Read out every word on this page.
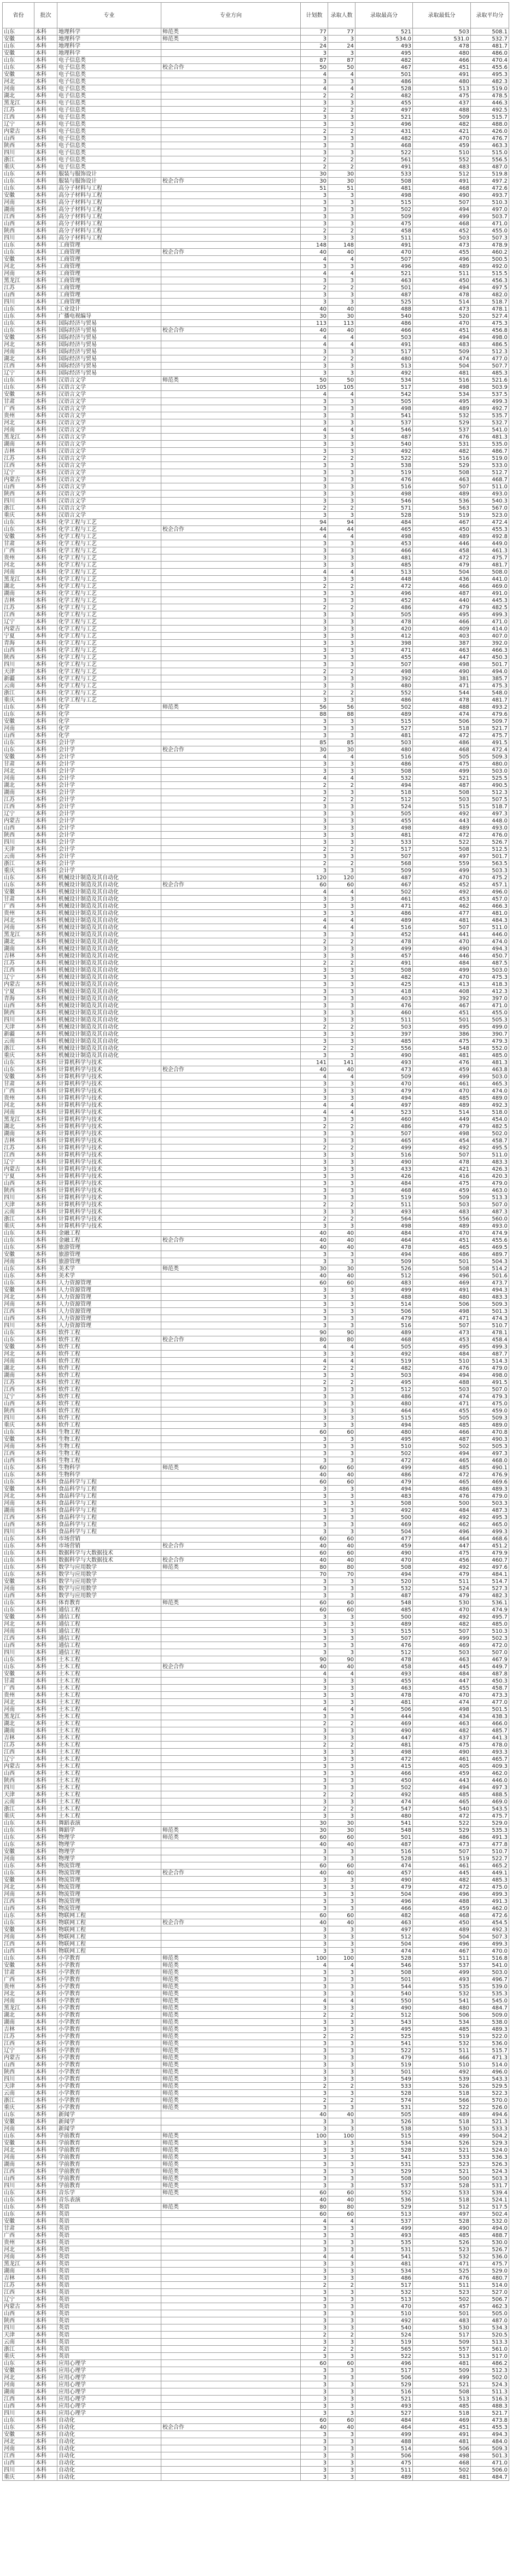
省份	批次	专业	专业方向	计划数	录取人数	录取最高分	录取最低分	录取平均分
山东	本科	地理科学	师范类	77	77	521	503	508.1
安徽	本科	地理科学	师范类	3	3	534.0	531.0	532.7
山东	本科	地理科学		24	24	493	478	481.7
安徽	本科	地理科学		3	3	495	480	486.0
山东	本科	电子信息类		87	87	482	466	470.4
山东	本科	电子信息类	校企合作	50	50	467	451	455.6
安徽	本科	电子信息类		4	4	501	491	495.3
河北	本科	电子信息类		3	3	486	480	482.3
河南	本科	电子信息类		4	4	528	513	519.0
湖北	本科	电子信息类		2	2	482	475	478.5
黑龙江	本科	电子信息类		3	3	455	437	446.3
江苏	本科	电子信息类		2	2	497	488	492.5
江西	本科	电子信息类		3	3	521	509	515.7
辽宁	本科	电子信息类		3	3	496	482	488.0
内蒙古	本科	电子信息类		2	2	431	421	426.0
山西	本科	电子信息类		3	3	482	470	476.7
陕西	本科	电子信息类		3	3	468	459	463.3
四川	本科	电子信息类		3	3	522	510	515.0
浙江	本科	电子信息类		2	2	561	552	556.5
重庆	本科	电子信息类		2	2	491	483	487.0
山东	本科	服装与服饰设计		30	30	533	512	519.8
山东	本科	服装与服饰设计	校企合作	30	30	508	491	497.2
山东	本科	高分子材料与工程		51	51	481	468	472.6
安徽	本科	高分子材料与工程		3	3	498	490	493.7
河南	本科	高分子材料与工程		3	3	515	507	510.3
湖南	本科	高分子材料与工程		3	3	502	494	497.0
江西	本科	高分子材料与工程		3	3	509	499	503.7
山西	本科	高分子材料与工程		3	3	475	468	471.0
陕西	本科	高分子材料与工程		2	2	458	452	455.0
四川	本科	高分子材料与工程		3	3	511	503	507.3
山东	本科	工商管理		148	148	491	473	478.9
山东	本科	工商管理	校企合作	40	40	470	455	460.2
安徽	本科	工商管理		4	4	507	496	500.5
河北	本科	工商管理		3	3	496	489	492.0
河南	本科	工商管理		4	4	521	511	515.5
黑龙江	本科	工商管理		3	3	463	450	456.3
江苏	本科	工商管理		2	2	501	494	497.5
山西	本科	工商管理		3	3	487	478	482.0
四川	本科	工商管理		3	3	525	514	518.7
山东	本科	工业设计		40	40	488	473	478.1
山东	本科	广播电视编导		30	30	540	520	527.4
山东	本科	国际经济与贸易		113	113	486	470	475.3
山东	本科	国际经济与贸易	校企合作	40	40	466	451	456.8
安徽	本科	国际经济与贸易		4	4	503	494	498.0
河北	本科	国际经济与贸易		4	4	491	483	486.5
河南	本科	国际经济与贸易		3	3	517	509	512.3
湖北	本科	国际经济与贸易		2	2	480	474	477.0
江西	本科	国际经济与贸易		3	3	513	504	507.7
辽宁	本科	国际经济与贸易		3	3	492	481	485.3
山东	本科	汉语言文学	师范类	50	50	534	516	521.6
山东	本科	汉语言文学		105	105	517	498	503.9
安徽	本科	汉语言文学		4	4	542	534	537.5
甘肃	本科	汉语言文学		3	3	505	495	499.3
广西	本科	汉语言文学		3	3	498	489	492.7
贵州	本科	汉语言文学		3	3	541	532	535.7
河北	本科	汉语言文学		3	3	537	529	532.7
河南	本科	汉语言文学		4	4	546	537	541.0
黑龙江	本科	汉语言文学		3	3	487	476	481.3
湖南	本科	汉语言文学		3	3	540	531	535.0
吉林	本科	汉语言文学		3	3	492	482	486.7
江苏	本科	汉语言文学		2	2	522	516	519.0
江西	本科	汉语言文学		3	3	538	529	533.0
辽宁	本科	汉语言文学		3	3	519	508	512.7
内蒙古	本科	汉语言文学		3	3	476	463	468.7
山西	本科	汉语言文学		3	3	516	507	511.0
陕西	本科	汉语言文学		3	3	498	489	493.0
四川	本科	汉语言文学		3	3	546	536	540.3
浙江	本科	汉语言文学		2	2	571	563	567.0
重庆	本科	汉语言文学		3	3	528	519	523.0
山东	本科	化学工程与工艺		94	94	484	467	472.4
山东	本科	化学工程与工艺	校企合作	44	44	465	450	455.3
安徽	本科	化学工程与工艺		4	4	498	489	492.8
甘肃	本科	化学工程与工艺		3	3	453	446	449.0
广西	本科	化学工程与工艺		3	3	466	458	461.3
贵州	本科	化学工程与工艺		3	3	481	472	475.7
河北	本科	化学工程与工艺		3	3	485	479	481.7
河南	本科	化学工程与工艺		4	4	513	504	508.0
黑龙江	本科	化学工程与工艺		3	3	448	436	441.0
湖北	本科	化学工程与工艺		2	2	472	466	469.0
湖南	本科	化学工程与工艺		3	3	496	487	491.0
吉林	本科	化学工程与工艺		3	3	452	440	445.3
江苏	本科	化学工程与工艺		2	2	486	479	482.5
江西	本科	化学工程与工艺		3	3	505	495	499.3
辽宁	本科	化学工程与工艺		3	3	478	466	471.0
内蒙古	本科	化学工程与工艺		3	3	420	409	414.0
宁夏	本科	化学工程与工艺		3	3	412	403	407.0
青海	本科	化学工程与工艺		3	3	398	387	392.0
山西	本科	化学工程与工艺		3	3	471	463	466.3
陕西	本科	化学工程与工艺		3	3	455	447	450.3
四川	本科	化学工程与工艺		3	3	507	498	501.7
天津	本科	化学工程与工艺		2	2	498	490	494.0
新疆	本科	化学工程与工艺		3	3	392	381	385.7
云南	本科	化学工程与工艺		3	3	480	471	475.3
浙江	本科	化学工程与工艺		2	2	552	544	548.0
重庆	本科	化学工程与工艺		3	3	486	478	481.7
山东	本科	化学	师范类	56	56	502	488	493.2
山东	本科	化学		88	88	489	474	479.6
安徽	本科	化学		3	3	515	506	509.7
河南	本科	化学		3	3	527	518	521.7
山西	本科	化学		3	3	481	472	475.7
山东	本科	会计学		85	85	503	486	491.5
山东	本科	会计学	校企合作	30	30	480	468	472.4
安徽	本科	会计学		4	4	516	505	509.3
甘肃	本科	会计学		3	3	486	475	480.0
河北	本科	会计学		3	3	508	499	503.0
河南	本科	会计学		4	4	532	521	525.5
湖北	本科	会计学		2	2	494	487	490.5
湖南	本科	会计学		3	3	518	508	512.3
江苏	本科	会计学		2	2	512	503	507.5
江西	本科	会计学		3	3	524	515	518.7
辽宁	本科	会计学		3	3	505	492	497.3
内蒙古	本科	会计学		3	3	455	443	448.0
山西	本科	会计学		3	3	498	489	493.0
陕西	本科	会计学		3	3	481	472	476.0
四川	本科	会计学		3	3	533	522	526.7
天津	本科	会计学		2	2	517	508	512.5
云南	本科	会计学		3	3	507	497	501.7
浙江	本科	会计学		2	2	568	559	563.5
重庆	本科	会计学		3	3	509	499	503.3
山东	本科	机械设计制造及其自动化		120	120	487	470	475.2
山东	本科	机械设计制造及其自动化	校企合作	60	60	467	452	457.1
安徽	本科	机械设计制造及其自动化		4	4	502	492	496.0
甘肃	本科	机械设计制造及其自动化		3	3	461	453	457.0
广西	本科	机械设计制造及其自动化		3	3	471	462	466.3
贵州	本科	机械设计制造及其自动化		3	3	486	477	481.0
河北	本科	机械设计制造及其自动化		4	4	489	481	484.3
河南	本科	机械设计制造及其自动化		4	4	516	507	511.0
黑龙江	本科	机械设计制造及其自动化		3	3	452	441	446.0
湖北	本科	机械设计制造及其自动化		2	2	478	470	474.0
湖南	本科	机械设计制造及其自动化		3	3	499	490	494.3
吉林	本科	机械设计制造及其自动化		3	3	457	446	450.7
江苏	本科	机械设计制造及其自动化		2	2	491	484	487.5
江西	本科	机械设计制造及其自动化		3	3	508	499	503.0
辽宁	本科	机械设计制造及其自动化		3	3	482	470	475.3
内蒙古	本科	机械设计制造及其自动化		3	3	425	413	418.3
宁夏	本科	机械设计制造及其自动化		3	3	418	408	412.3
青海	本科	机械设计制造及其自动化		3	3	403	392	397.0
山西	本科	机械设计制造及其自动化		3	3	476	467	471.0
陕西	本科	机械设计制造及其自动化		3	3	460	451	455.0
四川	本科	机械设计制造及其自动化		3	3	511	501	505.3
天津	本科	机械设计制造及其自动化		2	2	503	495	499.0
新疆	本科	机械设计制造及其自动化		3	3	397	386	390.7
云南	本科	机械设计制造及其自动化		3	3	485	475	479.3
浙江	本科	机械设计制造及其自动化		2	2	556	548	552.0
重庆	本科	机械设计制造及其自动化		3	3	490	481	485.0
山东	本科	计算机科学与技术		141	141	493	476	481.3
山东	本科	计算机科学与技术	校企合作	40	40	473	459	463.8
安徽	本科	计算机科学与技术		4	4	509	499	503.0
甘肃	本科	计算机科学与技术		3	3	470	461	465.3
广西	本科	计算机科学与技术		3	3	479	470	474.0
贵州	本科	计算机科学与技术		3	3	494	485	489.0
河北	本科	计算机科学与技术		4	4	497	489	492.3
河南	本科	计算机科学与技术		4	4	523	514	518.0
黑龙江	本科	计算机科学与技术		3	3	460	449	454.0
湖北	本科	计算机科学与技术		2	2	486	479	482.5
湖南	本科	计算机科学与技术		3	3	507	498	502.0
吉林	本科	计算机科学与技术		3	3	465	454	458.7
江苏	本科	计算机科学与技术		2	2	499	492	495.5
江西	本科	计算机科学与技术		3	3	516	507	511.0
辽宁	本科	计算机科学与技术		3	3	490	478	483.3
内蒙古	本科	计算机科学与技术		3	3	433	421	426.3
宁夏	本科	计算机科学与技术		3	3	426	416	420.3
山西	本科	计算机科学与技术		3	3	484	475	479.0
陕西	本科	计算机科学与技术		3	3	468	459	463.0
四川	本科	计算机科学与技术		3	3	519	509	513.3
天津	本科	计算机科学与技术		2	2	511	503	507.0
云南	本科	计算机科学与技术		3	3	493	483	487.3
浙江	本科	计算机科学与技术		2	2	564	556	560.0
重庆	本科	计算机科学与技术		3	3	498	489	493.0
山东	本科	金融工程		40	40	484	470	474.9
山东	本科	金融工程	校企合作	40	40	464	451	455.6
山东	本科	旅游管理		40	40	478	465	469.5
安徽	本科	旅游管理		3	3	494	486	489.7
河南	本科	旅游管理		3	3	509	501	504.3
山东	本科	美术学	师范类	30	30	526	508	514.2
山东	本科	美术学		40	40	512	496	501.6
山东	本科	人力资源管理		60	60	483	469	473.7
安徽	本科	人力资源管理		3	3	499	491	494.3
河北	本科	人力资源管理		3	3	488	480	483.3
河南	本科	人力资源管理		3	3	514	506	509.3
江西	本科	人力资源管理		3	3	506	498	501.3
山西	本科	人力资源管理		3	3	479	471	474.3
四川	本科	人力资源管理		3	3	516	507	510.7
山东	本科	软件工程		90	90	489	473	478.1
山东	本科	软件工程	校企合作	80	80	468	453	458.4
安徽	本科	软件工程		4	4	505	495	499.3
河北	本科	软件工程		3	3	492	484	487.7
河南	本科	软件工程		4	4	519	510	514.3
湖北	本科	软件工程		2	2	482	476	479.0
湖南	本科	软件工程		3	3	503	494	498.0
江苏	本科	软件工程		2	2	495	488	491.5
江西	本科	软件工程		3	3	512	503	507.0
辽宁	本科	软件工程		3	3	486	474	479.3
山西	本科	软件工程		3	3	480	471	475.0
陕西	本科	软件工程		3	3	464	455	459.0
四川	本科	软件工程		3	3	515	505	509.3
重庆	本科	软件工程		3	3	494	485	489.0
山东	本科	生物工程		60	60	480	466	470.8
安徽	本科	生物工程		3	3	495	487	490.3
河南	本科	生物工程		3	3	510	502	505.3
江西	本科	生物工程		3	3	502	494	497.3
山西	本科	生物工程		3	3	472	465	468.0
山东	本科	生物科学	师范类	60	60	499	485	490.1
山东	本科	生物科学		40	40	486	472	476.9
山东	本科	食品科学与工程		60	60	479	465	469.6
安徽	本科	食品科学与工程		3	3	494	486	489.3
河北	本科	食品科学与工程		3	3	483	476	479.0
河南	本科	食品科学与工程		3	3	508	500	503.3
湖南	本科	食品科学与工程		3	3	492	484	487.3
江西	本科	食品科学与工程		3	3	500	492	495.3
山西	本科	食品科学与工程		3	3	469	462	465.0
四川	本科	食品科学与工程		3	3	504	496	499.3
山东	本科	市场营销		60	60	477	464	468.6
山东	本科	市场营销	校企合作	40	40	459	447	451.2
山东	本科	数据科学与大数据技术		60	60	490	475	479.9
山东	本科	数据科学与大数据技术	校企合作	40	40	470	456	460.7
山东	本科	数学与应用数学	师范类	80	80	508	492	497.6
山东	本科	数学与应用数学		70	70	494	479	484.1
安徽	本科	数学与应用数学		3	3	520	511	514.7
河南	本科	数学与应用数学		3	3	532	524	527.3
山西	本科	数学与应用数学		3	3	487	479	482.3
山东	本科	体育教育	师范类	60	60	548	530	536.1
山东	本科	通信工程		60	60	485	470	474.9
安徽	本科	通信工程		3	3	500	492	495.7
河北	本科	通信工程		3	3	489	482	485.0
河南	本科	通信工程		3	3	515	507	510.3
江西	本科	通信工程		3	3	507	499	502.3
山西	本科	通信工程		3	3	476	469	472.0
四川	本科	通信工程		3	3	512	503	507.0
山东	本科	土木工程		90	90	478	463	467.9
山东	本科	土木工程	校企合作	40	40	458	445	449.7
安徽	本科	土木工程		4	4	493	484	487.8
甘肃	本科	土木工程		3	3	455	447	450.3
广西	本科	土木工程		3	3	463	455	458.7
贵州	本科	土木工程		3	3	478	470	473.3
河北	本科	土木工程		3	3	481	474	477.0
河南	本科	土木工程		4	4	506	498	501.5
黑龙江	本科	土木工程		3	3	444	434	438.3
湖北	本科	土木工程		2	2	469	463	466.0
湖南	本科	土木工程		3	3	490	482	485.7
吉林	本科	土木工程		3	3	447	437	441.3
江苏	本科	土木工程		2	2	481	475	478.0
江西	本科	土木工程		3	3	498	490	493.3
辽宁	本科	土木工程		3	3	472	461	465.7
内蒙古	本科	土木工程		3	3	415	405	409.3
山西	本科	土木工程		3	3	466	459	462.0
陕西	本科	土木工程		3	3	450	443	446.0
四川	本科	土木工程		3	3	502	494	497.3
天津	本科	土木工程		2	2	492	485	488.5
云南	本科	土木工程		3	3	474	465	469.0
浙江	本科	土木工程		2	2	547	540	543.5
重庆	本科	土木工程		3	3	480	472	475.7
山东	本科	舞蹈表演		30	30	541	522	529.0
山东	本科	舞蹈学	师范类	30	30	548	529	535.3
山东	本科	物理学	师范类	60	60	501	486	491.3
山东	本科	物理学		40	40	487	473	477.8
安徽	本科	物理学		3	3	516	507	510.7
河南	本科	物理学		3	3	528	519	522.7
山东	本科	物流管理		60	60	474	461	465.2
山东	本科	物流管理	校企合作	40	40	457	445	449.1
安徽	本科	物流管理		3	3	490	482	485.3
河北	本科	物流管理		3	3	479	472	475.0
河南	本科	物流管理		3	3	504	496	499.3
江西	本科	物流管理		3	3	496	488	491.3
山西	本科	物流管理		3	3	466	459	462.0
山东	本科	物联网工程		60	60	482	468	472.6
山东	本科	物联网工程	校企合作	40	40	463	450	454.5
安徽	本科	物联网工程		3	3	497	489	492.3
河南	本科	物联网工程		3	3	512	504	507.3
江西	本科	物联网工程		3	3	504	496	499.3
山西	本科	物联网工程		3	3	474	467	470.0
山东	本科	小学教育	师范类	100	100	528	511	516.8
安徽	本科	小学教育	师范类	4	4	546	537	541.0
甘肃	本科	小学教育	师范类	3	3	508	499	503.0
广西	本科	小学教育	师范类	3	3	501	493	496.7
贵州	本科	小学教育	师范类	3	3	544	535	539.0
河北	本科	小学教育	师范类	3	3	540	532	535.3
河南	本科	小学教育	师范类	4	4	550	541	545.0
黑龙江	本科	小学教育	师范类	3	3	490	480	484.7
湖北	本科	小学教育	师范类	2	2	512	506	509.0
湖南	本科	小学教育	师范类	3	3	543	534	538.0
吉林	本科	小学教育	师范类	3	3	495	485	489.3
江苏	本科	小学教育	师范类	2	2	525	519	522.0
江西	本科	小学教育	师范类	3	3	541	532	536.0
辽宁	本科	小学教育	师范类	3	3	522	511	515.7
内蒙古	本科	小学教育	师范类	3	3	479	466	471.3
山西	本科	小学教育	师范类	3	3	519	510	514.0
陕西	本科	小学教育	师范类	3	3	501	492	496.0
四川	本科	小学教育	师范类	3	3	549	539	543.3
天津	本科	小学教育	师范类	2	2	533	526	529.5
云南	本科	小学教育	师范类	3	3	528	518	522.3
浙江	本科	小学教育	师范类	2	2	574	566	570.0
重庆	本科	小学教育	师范类	3	3	531	522	526.0
山东	本科	新闻学		40	40	505	489	494.6
安徽	本科	新闻学		3	3	526	518	521.3
河南	本科	新闻学		3	3	538	530	533.3
山东	本科	学前教育	师范类	100	100	515	499	504.2
安徽	本科	学前教育	师范类	3	3	534	526	529.3
河北	本科	学前教育	师范类	3	3	528	521	524.0
河南	本科	学前教育	师范类	3	3	541	533	536.3
湖南	本科	学前教育	师范类	3	3	531	523	526.3
江西	本科	学前教育	师范类	3	3	529	521	524.3
山西	本科	学前教育	师范类	3	3	508	500	503.3
四川	本科	学前教育	师范类	3	3	537	528	531.7
山东	本科	音乐学	师范类	60	60	552	533	539.4
山东	本科	音乐表演		40	40	536	518	524.1
山东	本科	英语	师范类	80	80	529	512	517.5
山东	本科	英语		60	60	513	497	502.4
安徽	本科	英语		4	4	537	528	532.0
甘肃	本科	英语		3	3	499	490	494.0
广西	本科	英语		3	3	493	485	488.7
贵州	本科	英语		3	3	535	526	530.0
河北	本科	英语		3	3	531	523	526.7
河南	本科	英语		4	4	541	532	536.0
黑龙江	本科	英语		3	3	481	471	475.7
湖南	本科	英语		3	3	534	525	529.0
吉林	本科	英语		3	3	486	476	480.7
江苏	本科	英语		2	2	517	511	514.0
江西	本科	英语		3	3	532	523	527.0
辽宁	本科	英语		3	3	513	502	506.7
内蒙古	本科	英语		3	3	470	457	462.3
山西	本科	英语		3	3	510	501	505.0
陕西	本科	英语		3	3	492	483	487.0
四川	本科	英语		3	3	540	530	534.3
天津	本科	英语		2	2	524	517	520.5
云南	本科	英语		3	3	519	509	513.3
浙江	本科	英语		2	2	565	557	561.0
重庆	本科	英语		3	3	522	513	517.0
山东	本科	应用心理学		60	60	496	481	486.2
安徽	本科	应用心理学		3	3	517	509	512.3
河北	本科	应用心理学		3	3	506	499	502.0
河南	本科	应用心理学		3	3	529	521	524.3
湖南	本科	应用心理学		3	3	516	508	511.3
江西	本科	应用心理学		3	3	521	513	516.3
山西	本科	应用心理学		3	3	493	485	488.3
四川	本科	应用心理学		3	3	527	518	521.7
山东	本科	自动化		60	60	484	469	473.8
山东	本科	自动化	校企合作	40	40	464	451	455.3
安徽	本科	自动化		3	3	499	491	494.3
河北	本科	自动化		3	3	488	481	484.0
河南	本科	自动化		3	3	514	506	509.3
江西	本科	自动化		3	3	506	498	501.3
山西	本科	自动化		3	3	475	468	471.0
四川	本科	自动化		3	3	511	502	506.0
重庆	本科	自动化		3	3	489	481	484.7
